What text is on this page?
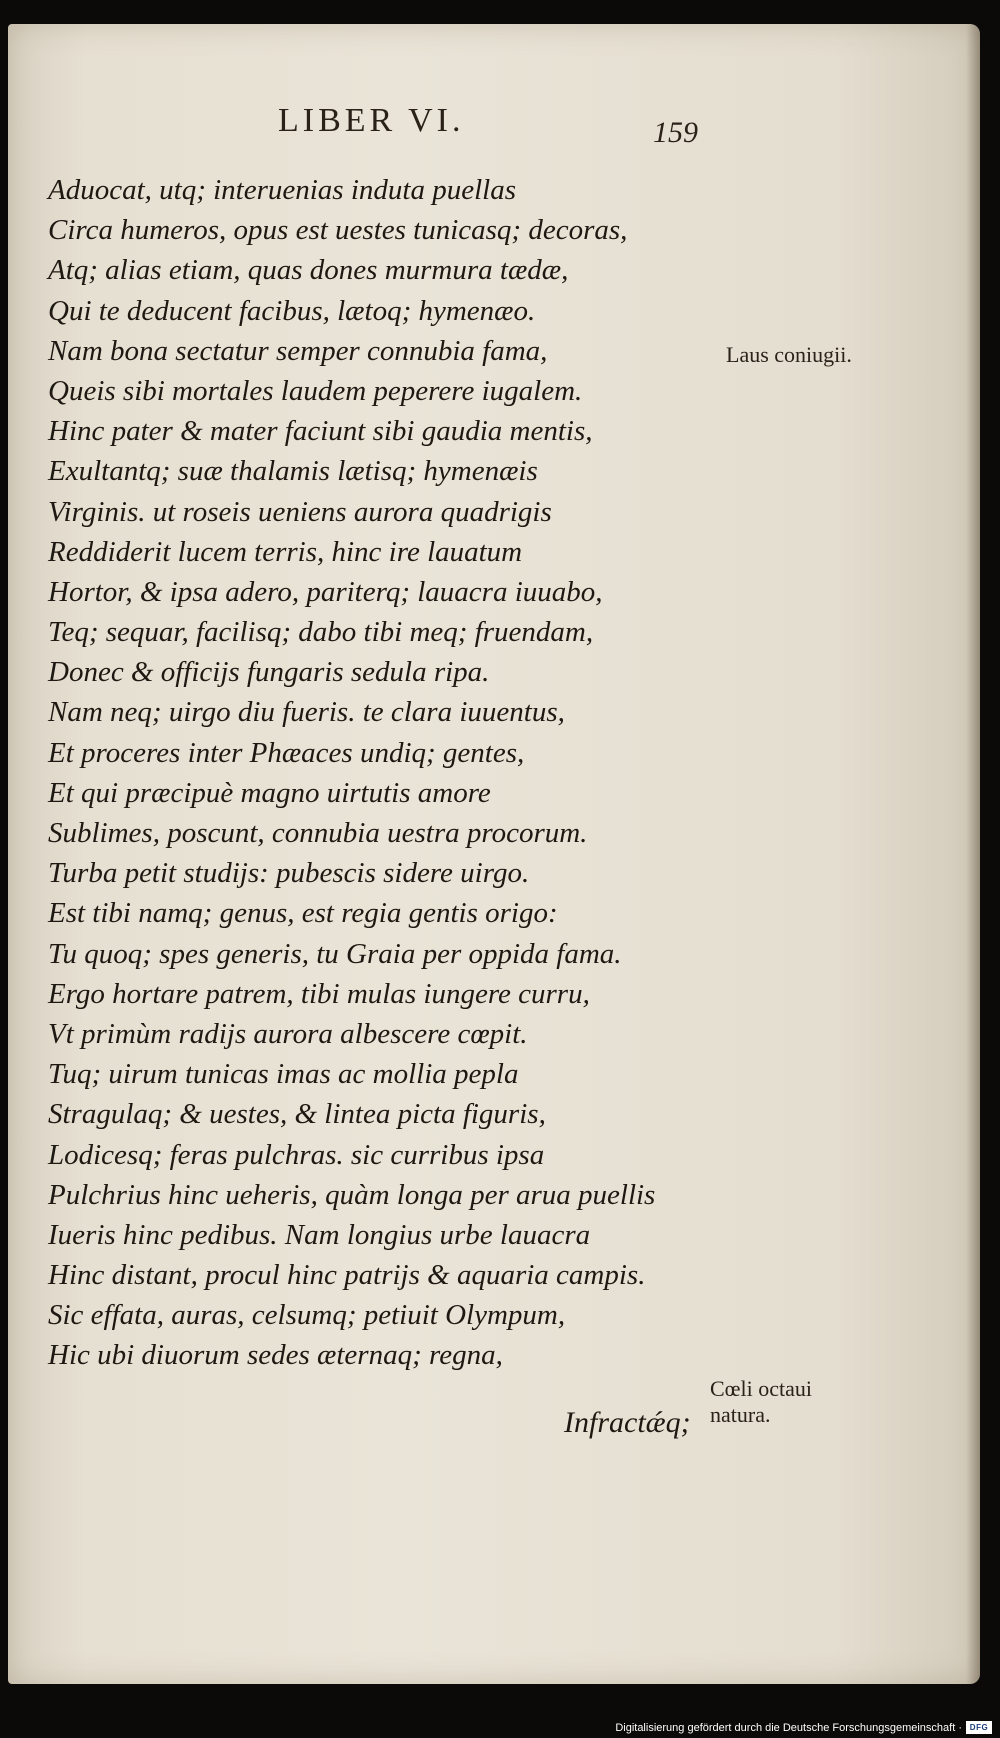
LIBER VI.	159
Aduocat, utq; interuenias induta puellas
Circa humeros, opus est uestes tunicasq; decoras,
Atq; alias etiam, quas dones murmura tædæ,
Qui te deducent facibus, lætoq; hymenæo.
Nam bona sectatur semper connubia fama,
Queis sibi mortales laudem peperere iugalem.
Hinc pater & mater faciunt sibi gaudia mentis,
Exultantq; suæ thalamis lætisq; hymenæis
Virginis. ut roseis ueniens aurora quadrigis
Reddiderit lucem terris, hinc ire lauatum
Hortor, & ipsa adero, pariterq; lauacra iuuabo,
Teq; sequar, facilisq; dabo tibi meq; fruendam,
Donec & officijs fungaris sedula ripa.
Nam neq; uirgo diu fueris. te clara iuuentus,
Et proceres inter Phæaces undiq; gentes,
Et qui præcipuè magno uirtutis amore
Sublimes, poscunt, connubia uestra procorum.
Turba petit studijs: pubescis sidere uirgo.
Est tibi namq; genus, est regia gentis origo:
Tu quoq; spes generis, tu Graia per oppida fama.
Ergo hortare patrem, tibi mulas iungere curru,
Vt primùm radijs aurora albescere cœpit.
Tuq; uirum tunicas imas ac mollia pepla
Stragulaq; & uestes, & lintea picta figuris,
Lodicesq; feras pulchras. sic curribus ipsa
Pulchrius hinc ueheris, quàm longa per arua puellis
Iueris hinc pedibus. Nam longius urbe lauacra
Hinc distant, procul hinc patrijs & aquaria campis.
Sic effata, auras, celsumq; petiuit Olympum,
Hic ubi diuorum sedes æternaq; regna,
Infractǽq;
Laus coniugii.
Cœli octaui natura.
Digitalisierung gefördert durch die Deutsche Forschungsgemeinschaft · DFG
